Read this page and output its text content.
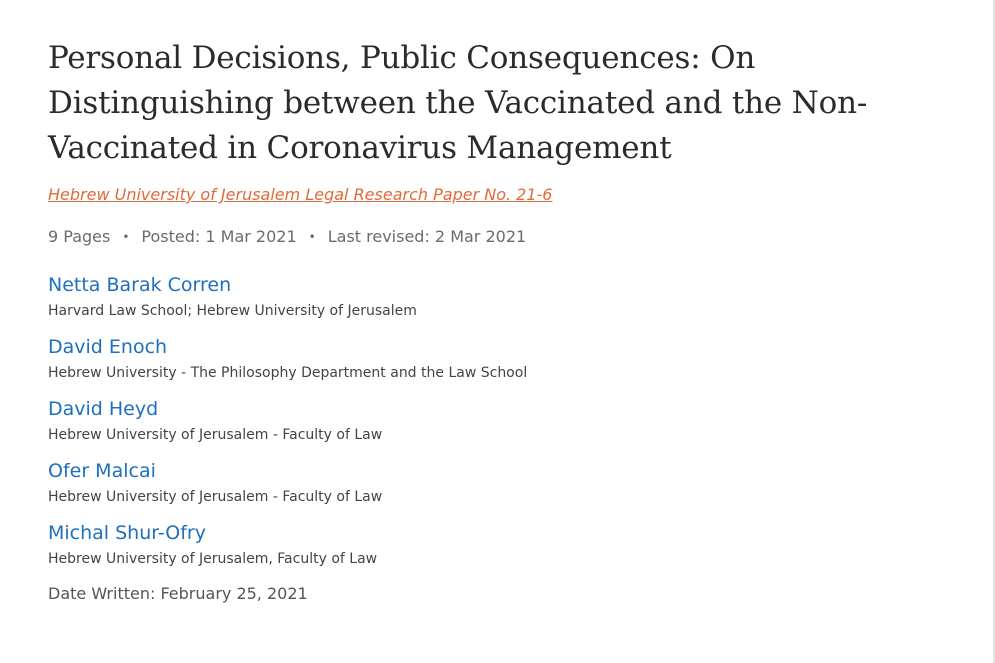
Personal Decisions, Public Consequences: On Distinguishing between the Vaccinated and the Non-Vaccinated in Coronavirus Management
Hebrew University of Jerusalem Legal Research Paper No. 21-6
9 Pages • Posted: 1 Mar 2021 • Last revised: 2 Mar 2021
Netta Barak Corren
Harvard Law School; Hebrew University of Jerusalem
David Enoch
Hebrew University - The Philosophy Department and the Law School
David Heyd
Hebrew University of Jerusalem - Faculty of Law
Ofer Malcai
Hebrew University of Jerusalem - Faculty of Law
Michal Shur-Ofry
Hebrew University of Jerusalem, Faculty of Law
Date Written: February 25, 2021
